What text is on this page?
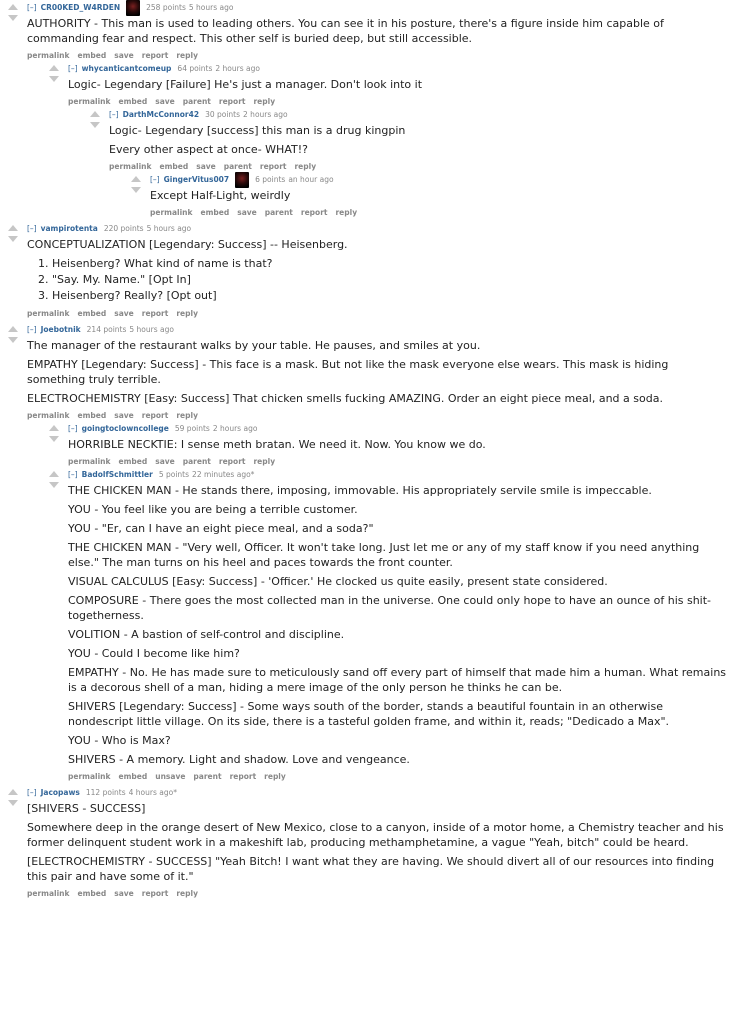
[–] CR00KED_W4RDEN	258 points 5 hours ago

AUTHORITY - This man is used to leading others. You can see it in his posture, there's a figure inside him capable of commanding fear and respect. This other self is buried deep, but still accessible.

permalink embed save report reply
[–] whycanticantcomeup 64 points 2 hours ago

Logic- Legendary [Failure] He's just a manager. Don't look into it

permalink embed save parent report reply
[–] DarthMcConnor42 30 points 2 hours ago

Logic- Legendary [success] this man is a drug kingpin

Every other aspect at once- WHAT!?

permalink embed save parent report reply
[–] GingerVitus007	6 points an hour ago

Except Half-Light, weirdly

permalink embed save parent report reply
[–] vampirotenta 220 points 5 hours ago

CONCEPTUALIZATION [Legendary: Success] -- Heisenberg.

1. Heisenberg? What kind of name is that?
2. "Say. My. Name." [Opt In]
3. Heisenberg? Really? [Opt out]
permalink embed save report reply
[–] Joebotnik 214 points 5 hours ago

The manager of the restaurant walks by your table. He pauses, and smiles at you.

EMPATHY [Legendary: Success] - This face is a mask. But not like the mask everyone else wears. This mask is hiding something truly terrible.

ELECTROCHEMISTRY [Easy: Success] That chicken smells fucking AMAZING. Order an eight piece meal, and a soda.

permalink embed save report reply
[–] goingtoclowncollege 59 points 2 hours ago

HORRIBLE NECKTIE: I sense meth bratan. We need it. Now. You know we do.

permalink embed save parent report reply
[–] BadolfSchmittler 5 points 22 minutes ago*

THE CHICKEN MAN - He stands there, imposing, immovable. His appropriately servile smile is impeccable.

YOU - You feel like you are being a terrible customer.

YOU - "Er, can I have an eight piece meal, and a soda?"

THE CHICKEN MAN - "Very well, Officer. It won't take long. Just let me or any of my staff know if you need anything else." The man turns on his heel and paces towards the front counter.

VISUAL CALCULUS [Easy: Success] - 'Officer.' He clocked us quite easily, present state considered.

COMPOSURE - There goes the most collected man in the universe. One could only hope to have an ounce of his shit-togetherness.

VOLITION - A bastion of self-control and discipline.

YOU - Could I become like him?

EMPATHY - No. He has made sure to meticulously sand off every part of himself that made him a human. What remains is a decorous shell of a man, hiding a mere image of the only person he thinks he can be.

SHIVERS [Legendary: Success] - Some ways south of the border, stands a beautiful fountain in an otherwise nondescript little village. On its side, there is a tasteful golden frame, and within it, reads; "Dedicado a Max".

YOU - Who is Max?

SHIVERS - A memory. Light and shadow. Love and vengeance.

permalink embed unsave parent report reply
[–] Jacopaws 112 points 4 hours ago*

[SHIVERS - SUCCESS]

Somewhere deep in the orange desert of New Mexico, close to a canyon, inside of a motor home, a Chemistry teacher and his former delinquent student work in a makeshift lab, producing methamphetamine, a vague "Yeah, bitch" could be heard.

[ELECTROCHEMISTRY - SUCCESS] "Yeah Bitch! I want what they are having. We should divert all of our resources into finding this pair and have some of it."

permalink embed save report reply
